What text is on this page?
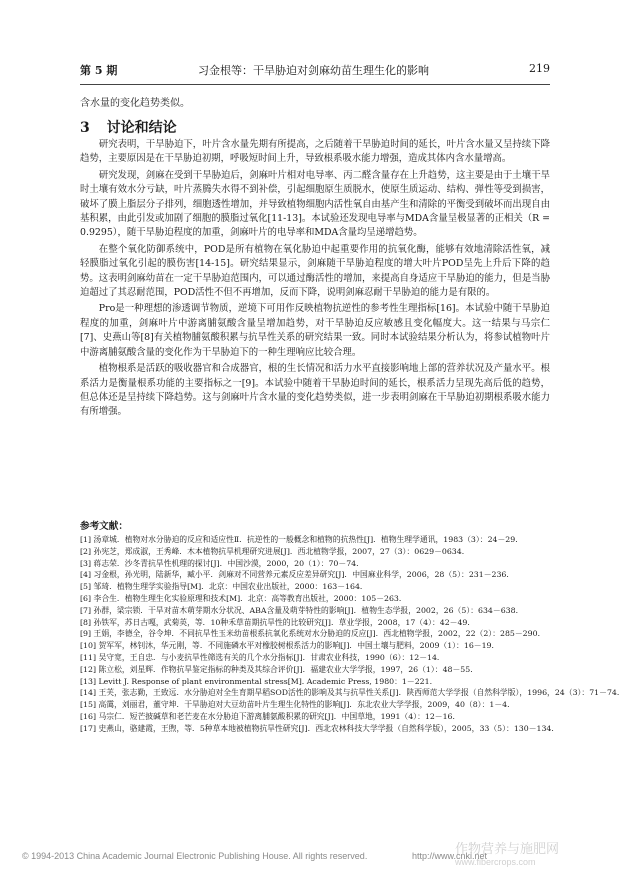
第 5 期	习金根等：干旱胁迫对剑麻幼苗生理生化的影响	219
含水量的变化趋势类似。
3 讨论和结论

研究表明，干旱胁迫下，叶片含水量先期有所提高，之后随着干旱胁迫时间的延长，叶片含水量又呈持续下降趋势，主要原因是在干旱胁迫初期，呼吸短时间上升，导致根系吸水能力增强，造成其体内含水量增高。

研究发现，剑麻在受到干旱胁迫后，剑麻叶片相对电导率、丙二醛含量存在上升趋势，这主要是由于土壤干旱时土壤有效水分亏缺，叶片蒸腾失水得不到补偿，引起细胞原生质脱水，使原生质运动、结构、弹性等受到损害，破坏了膜上脂层分子排列，细胞透性增加，并导致植物细胞内活性氧自由基产生和清除的平衡受到破坏而出现自由基积累，由此引发或加剧了细胞的膜脂过氧化[11-13]。本试验还发现电导率与MDA含量呈极显著的正相关（R = 0.9295），随干旱胁迫程度的加重，剑麻叶片的电导率和MDA含量均呈递增趋势。

在整个氧化防御系统中，POD是所有植物在氧化胁迫中起重要作用的抗氧化酶，能够有效地清除活性氧，减轻膜脂过氧化引起的膜伤害[14-15]。研究结果显示，剑麻随干旱胁迫程度的增大叶片POD呈先上升后下降的趋势。这表明剑麻幼苗在一定干旱胁迫范围内，可以通过酶活性的增加，来提高自身适应干旱胁迫的能力，但是当胁迫超过了其忍耐范围，POD活性不但不再增加，反而下降，说明剑麻忍耐干旱胁迫的能力是有限的。

Pro是一种理想的渗透调节物质，逆境下可用作反映植物抗逆性的参考性生理指标[16]。本试验中随干旱胁迫程度的加重，剑麻叶片中游离脯氨酸含量呈增加趋势，对干旱胁迫反应敏感且变化幅度大。这一结果与马宗仁[7]、史燕山等[8]有关植物脯氨酸积累与抗旱性关系的研究结果一致。同时本试验结果分析认为，将参试植物叶片中游离脯氨酸含量的变化作为干旱胁迫下的一种生理响应比较合理。

植物根系是活跃的吸收器官和合成器官，根的生长情况和活力水平直接影响地上部的营养状况及产量水平。根系活力是衡量根系功能的主要指标之一[9]。本试验中随着干旱胁迫时间的延长，根系活力呈现先高后低的趋势，但总体还是呈持续下降趋势。这与剑麻叶片含水量的变化趋势类似，进一步表明剑麻在干旱胁迫初期根系吸水能力有所增强。

参考文献：
[1] 汤章城．植物对水分胁迫的反应和适应性Ⅱ．抗逆性的一般概念和植物的抗热性[J]．植物生理学通讯，1983（3）：24－29．
[2] 孙宪芝，郑成淑，王秀峰．木本植物抗旱机理研究进展[J]．西北植物学报，2007，27（3）：0629－0634．
[3] 蒋志荣．沙冬青抗旱性机理的探讨[J]．中国沙漠，2000，20（1）：70－74．
[4] 习金根，孙光明，陆新华，臧小平．剑麻对不同营养元素反应差异研究[J]．中国麻业科学，2006，28（5）：231－236．
[5] 邹琦．植物生理学实验指导[M]．北京：中国农业出版社，2000：163－164．
[6] 李合生．植物生理生化实验原理和技术[M]．北京：高等教育出版社，2000：105－263．
[7] 孙群，梁宗锁．干旱对苗木萌芽期水分状况、ABA含量及萌芽特性的影响[J]．植物生态学报，2002，26（5）：634－638．
[8] 孙铁军，苏日古嘎，武菊英，等．10种禾草苗期抗旱性的比较研究[J]．草业学报，2008，17（4）：42－49．
[9] 王娟，李德全，谷令坤．不同抗旱性玉米幼苗根系抗氧化系统对水分胁迫的反应[J]．西北植物学报，2002，22（2）：285－290．
[10] 贺军军，林钊沐，华元刚，等．不同施磷水平对橡胶树根系活力的影响[J]．中国土壤与肥料，2009（1）：16－19．
[11] 吴守宽，王自忠．与小麦抗旱性筛选有关的几个水分指标[J]．甘肃农业科技，1990（6）：12－14．
[12] 陈立松，刘星辉．作物抗旱鉴定指标的种类及其综合评价[J]．福建农业大学学报，1997，26（1）：48－55．
[13] Levitt J. Response of plant environmental stress[M]. Academic Press, 1980：1－221.
[14] 王芙，张志勤，王致远．水分胁迫对全生育期旱稻SOD活性的影响及其与抗旱性关系[J]．陕西师范大学学报（自然科学版），1996，24（3）：71－74．
[15] 高霭，刘丽君，董守坤．干旱胁迫对大豆幼苗叶片生理生化特性的影响[J]．东北农业大学学报，2009，40（8）：1－4．
[16] 马宗仁．短芒披碱草和老芒麦在水分胁迫下游离脯氨酸积累的研究[J]．中国草地，1991（4）：12－16．
[17] 史燕山，骆建霞，王煦，等．5种草本地被植物抗旱性研究[J]．西北农林科技大学学报（自然科学版），2005，33（5）：130－134．
© 1994-2013 China Academic Journal Electronic Publishing House. All rights reserved.	http://www.cnki.net
作物营养与施肥网
www.fibercrops.com
